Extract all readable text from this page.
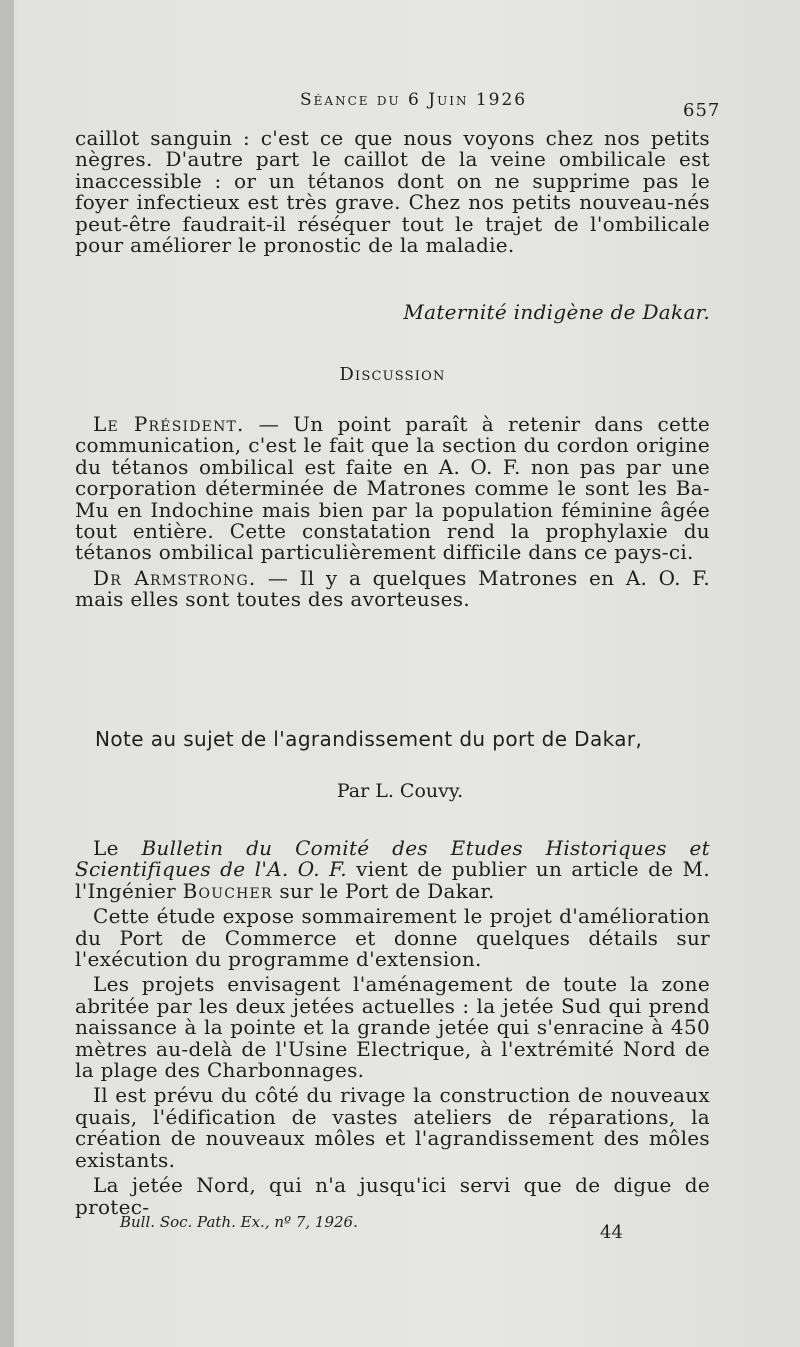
Séance du 6 Juin 1926	657

caillot sanguin : c'est ce que nous voyons chez nos petits nègres. D'autre part le caillot de la veine ombilicale est inaccessible : or un tétanos dont on ne supprime pas le foyer infectieux est très grave. Chez nos petits nouveau-nés peut-être faudrait-il réséquer tout le trajet de l'ombilicale pour améliorer le pronostic de la maladie.

Maternité indigène de Dakar.
Discussion

Le Président. — Un point paraît à retenir dans cette communication, c'est le fait que la section du cordon origine du tétanos ombilical est faite en A. O. F. non pas par une corporation déterminée de Matrones comme le sont les Ba-Mu en Indochine mais bien par la population féminine âgée tout entière. Cette constatation rend la prophylaxie du tétanos ombilical particulièrement difficile dans ce pays-ci.

Dr Armstrong. — Il y a quelques Matrones en A. O. F. mais elles sont toutes des avorteuses.

Note au sujet de l'agrandissement du port de Dakar,
Par L. Couvy.

Le Bulletin du Comité des Etudes Historiques et Scientifiques de l'A. O. F. vient de publier un article de M. l'Ingénier Boucher sur le Port de Dakar.

Cette étude expose sommairement le projet d'amélioration du Port de Commerce et donne quelques détails sur l'exécution du programme d'extension.

Les projets envisagent l'aménagement de toute la zone abritée par les deux jetées actuelles : la jetée Sud qui prend naissance à la pointe et la grande jetée qui s'enracine à 450 mètres au-delà de l'Usine Electrique, à l'extrémité Nord de la plage des Charbonnages.

Il est prévu du côté du rivage la construction de nouveaux quais, l'édification de vastes ateliers de réparations, la création de nouveaux môles et l'agrandissement des môles existants.

La jetée Nord, qui n'a jusqu'ici servi que de digue de protec-

Bull. Soc. Path. Ex., nº 7, 1926.	44
